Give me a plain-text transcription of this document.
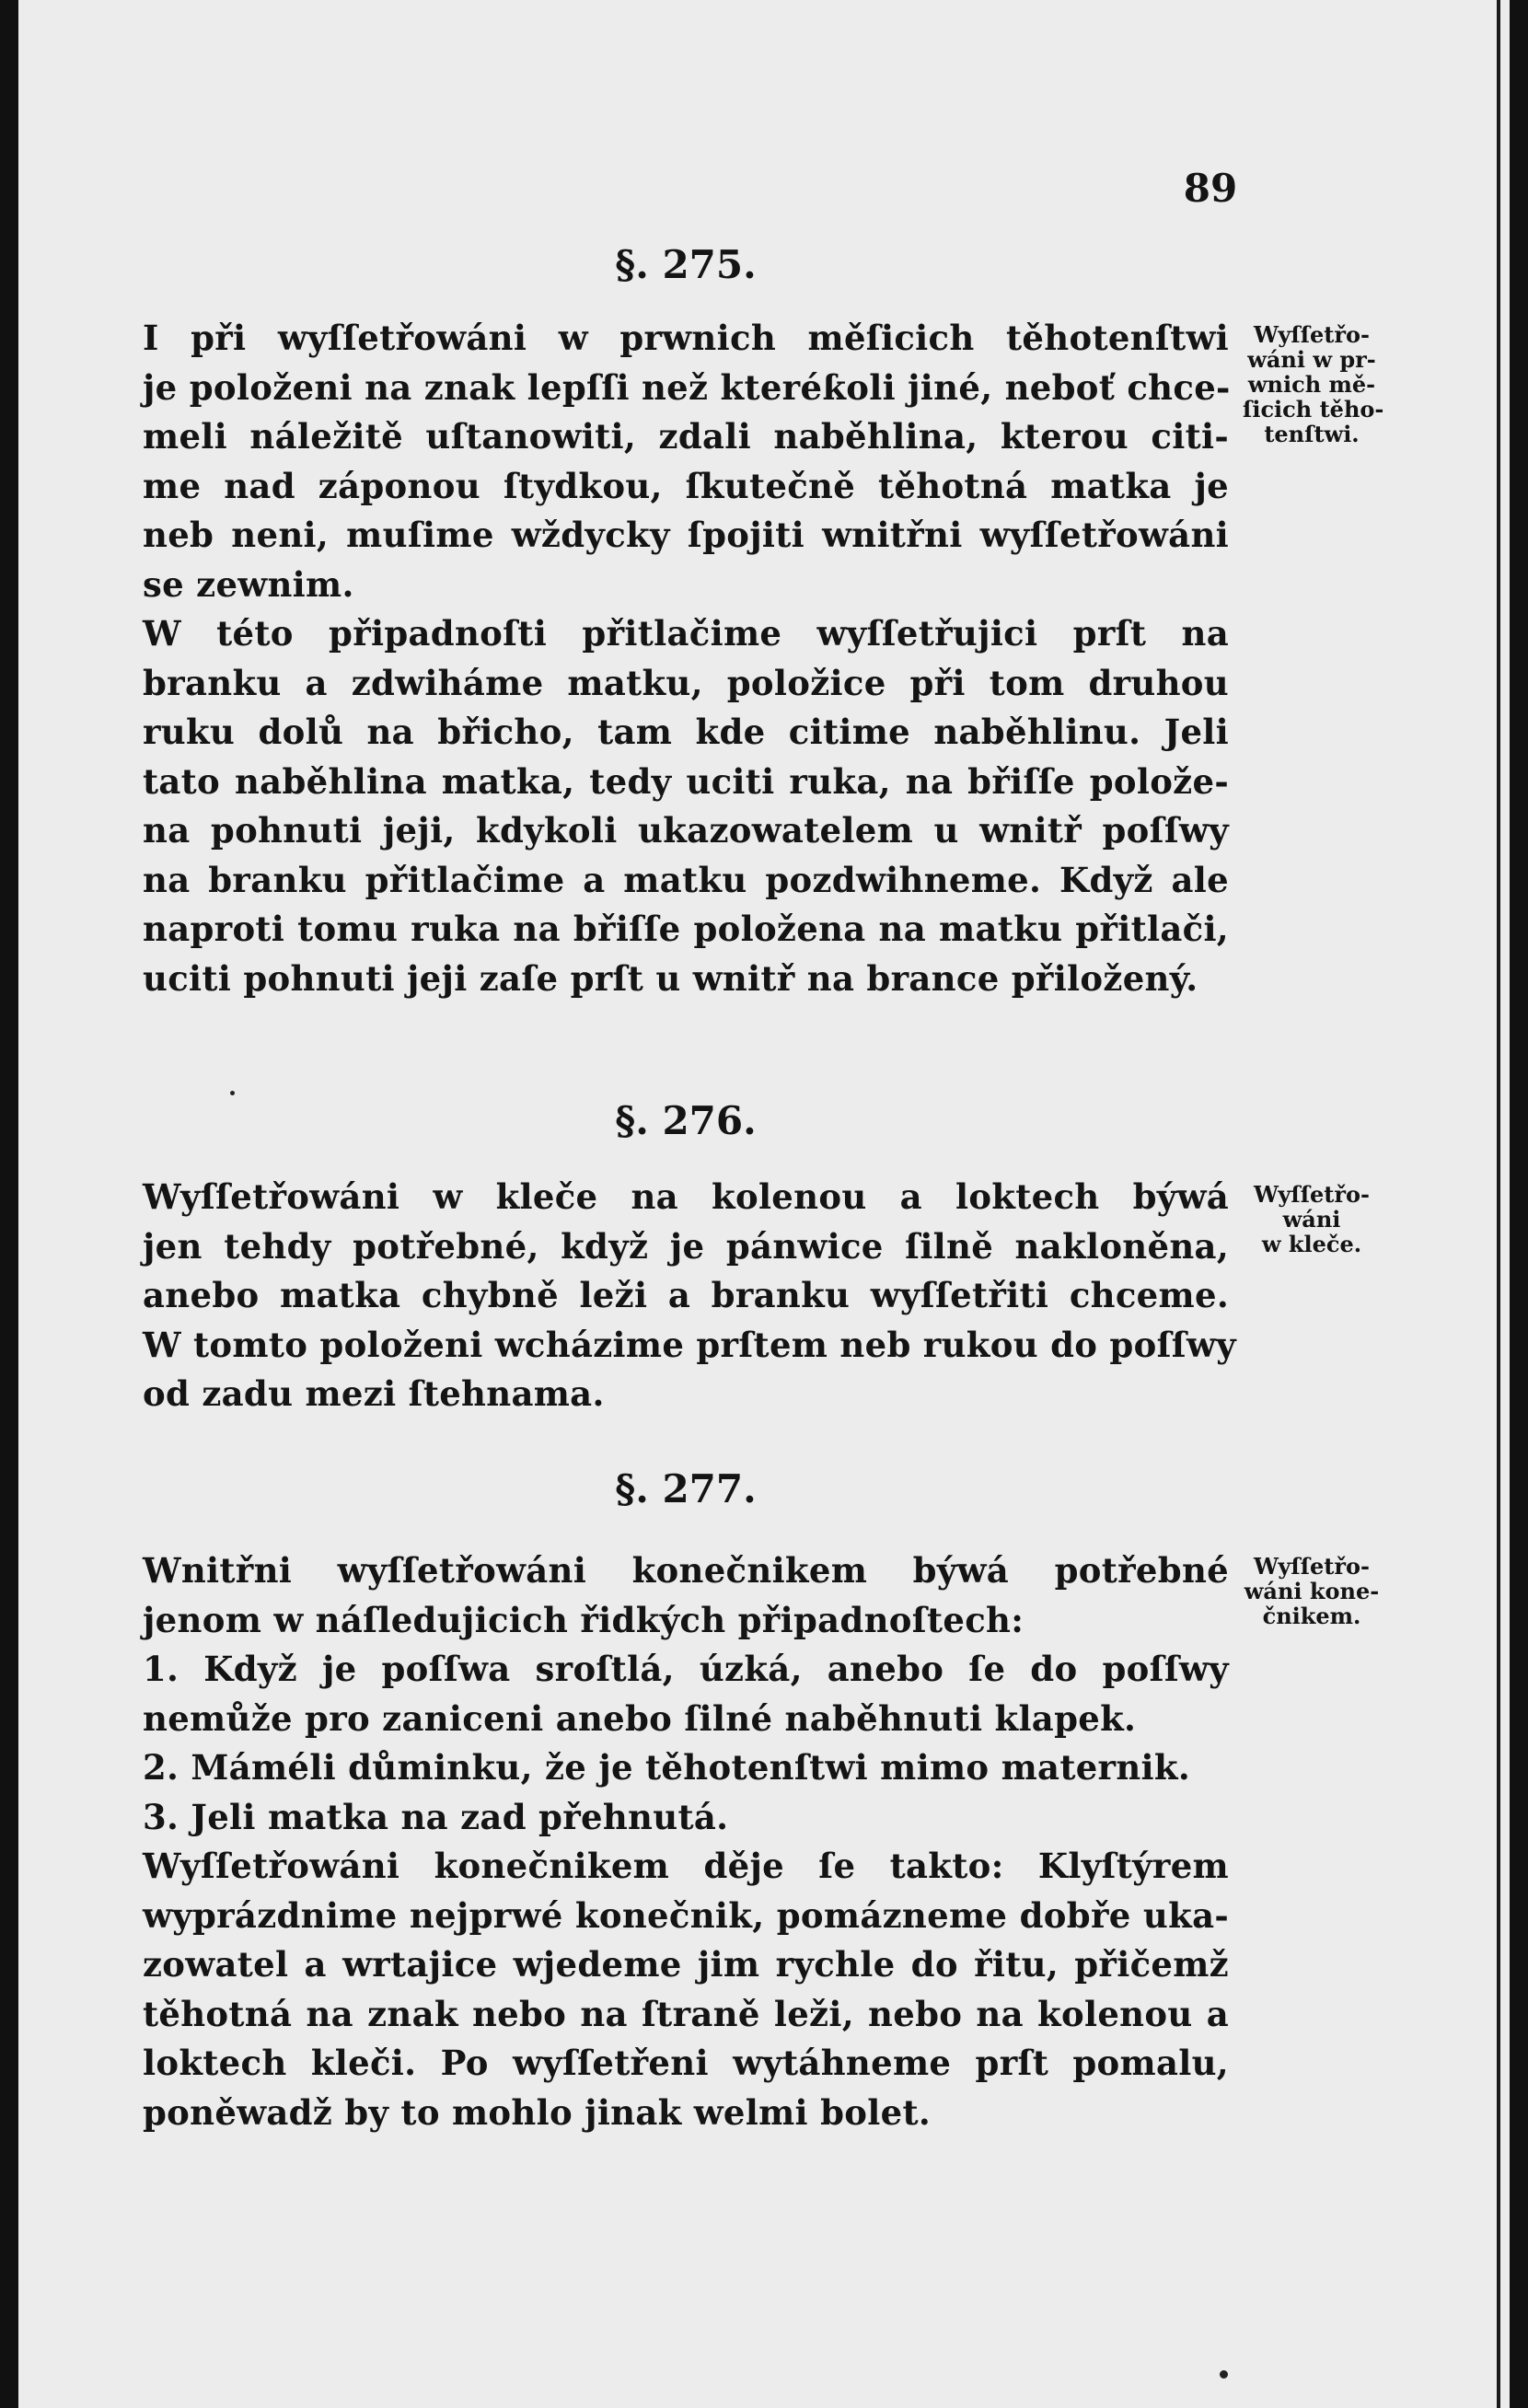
89
§. 275.
I při wyſſetřowáni w prwnich měſicich těhotenſtwi
je položeni na znak lepſſi než kteréƙoli jiné, neboť chce-
meli náležitě uſtanowiti, zdali naběhlina, kterou citi-
me nad záponou ſtydkou, ſkutečně těhotná matka je
neb neni, muſime wždycky ſpojiti wnitřni wyſſetřowáni
se zewnim.
W této připadnoſti přitlačime wyſſetřujici prſt na
branku a zdwiháme matku, položice při tom druhou
ruku dolů na břicho, tam kde citime naběhlinu. Jeli
tato naběhlina matka, tedy uciti ruka, na břiſſe polože-
na pohnuti jeji, kdykoli ukazowatelem u wnitř poſſwy
na branku přitlačime a matku pozdwihneme. Když ale
naproti tomu ruka na břiſſe položena na matku přitlači,
uciti pohnuti jeji zaſe prſt u wnitř na brance přiložený.
Wyſſetřo-
wáni w pr-
wnich mě-
ſicich těho-
tenſtwi.
§. 276.
Wyſſetřowáni w kleče na kolenou a loktech býwá
jen tehdy potřebné, když je pánwice ſilně nakloněna,
anebo matka chybně leži a branku wyſſetřiti chceme.
W tomto položeni wcházime prſtem neb rukou do poſſwy
od zadu mezi ſtehnama.
Wyſſetřo-
wáni
w kleče.
§. 277.
Wnitřni wyſſetřowáni konečnikem býwá potřebné
jenom w náſledujicich řidkých připadnoſtech:
1. Když je poſſwa sroſtlá, úzká, anebo ſe do poſſwy
nemůže pro zaniceni anebo ſilné naběhnuti klapek.
2. Máméli důminku, že je těhotenſtwi mimo maternik.
3. Jeli matka na zad přehnutá.
Wyſſetřowáni konečnikem děje ſe takto: Klyſtýrem
wyprázdnime nejprwé konečnik, pomázneme dobře uka-
zowatel a wrtajice wjedeme jim rychle do řitu, přičemž
těhotná na znak nebo na ſtraně leži, nebo na kolenou a
loktech kleči. Po wyſſetřeni wytáhneme prſt pomalu,
poněwadž by to mohlo jinak welmi bolet.
Wyſſetřo-
wáni kone-
čnikem.
